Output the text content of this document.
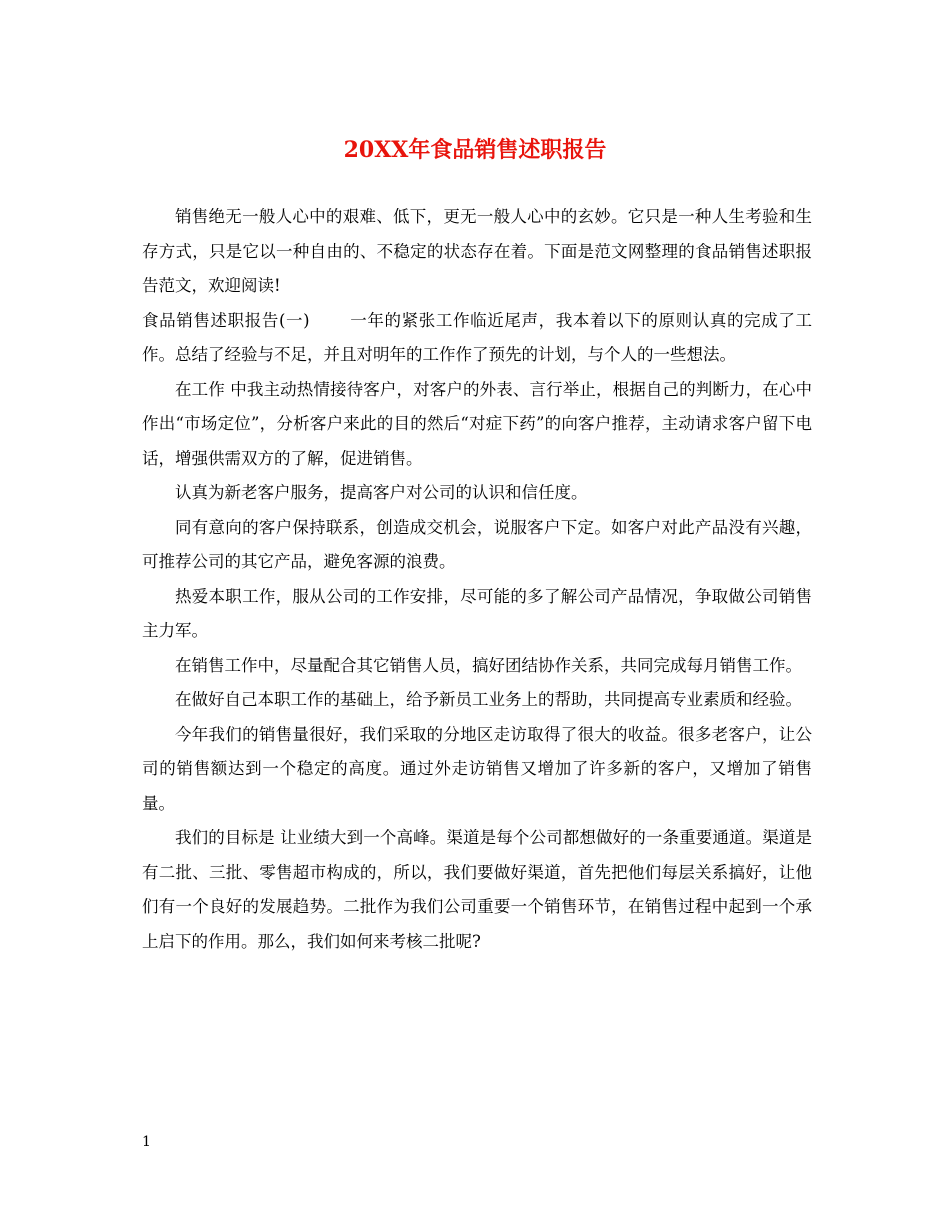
20XX年食品销售述职报告

销售绝无一般人心中的艰难、低下，更无一般人心中的玄妙。它只是一种人生考验和生存方式，只是它以一种自由的、不稳定的状态存在着。下面是范文网整理的食品销售述职报告范文，欢迎阅读!

食品销售述职报告(一) 一年的紧张工作临近尾声，我本着以下的原则认真的完成了工作。总结了经验与不足，并且对明年的工作作了预先的计划，与个人的一些想法。

在工作 中我主动热情接待客户，对客户的外表、言行举止，根据自己的判断力，在心中作出“市场定位”，分析客户来此的目的然后“对症下药”的向客户推荐，主动请求客户留下电话，增强供需双方的了解，促进销售。

认真为新老客户服务，提高客户对公司的认识和信任度。

同有意向的客户保持联系，创造成交机会，说服客户下定。如客户对此产品没有兴趣，可推荐公司的其它产品，避免客源的浪费。

热爱本职工作，服从公司的工作安排，尽可能的多了解公司产品情况，争取做公司销售主力军。

在销售工作中，尽量配合其它销售人员，搞好团结协作关系，共同完成每月销售工作。

在做好自己本职工作的基础上，给予新员工业务上的帮助，共同提高专业素质和经验。

今年我们的销售量很好，我们采取的分地区走访取得了很大的收益。很多老客户，让公司的销售额达到一个稳定的高度。通过外走访销售又增加了许多新的客户，又增加了销售量。

我们的目标是 让业绩大到一个高峰。渠道是每个公司都想做好的一条重要通道。渠道是有二批、三批、零售超市构成的，所以，我们要做好渠道，首先把他们每层关系搞好，让他们有一个良好的发展趋势。二批作为我们公司重要一个销售环节，在销售过程中起到一个承上启下的作用。那么，我们如何来考核二批呢?

1
